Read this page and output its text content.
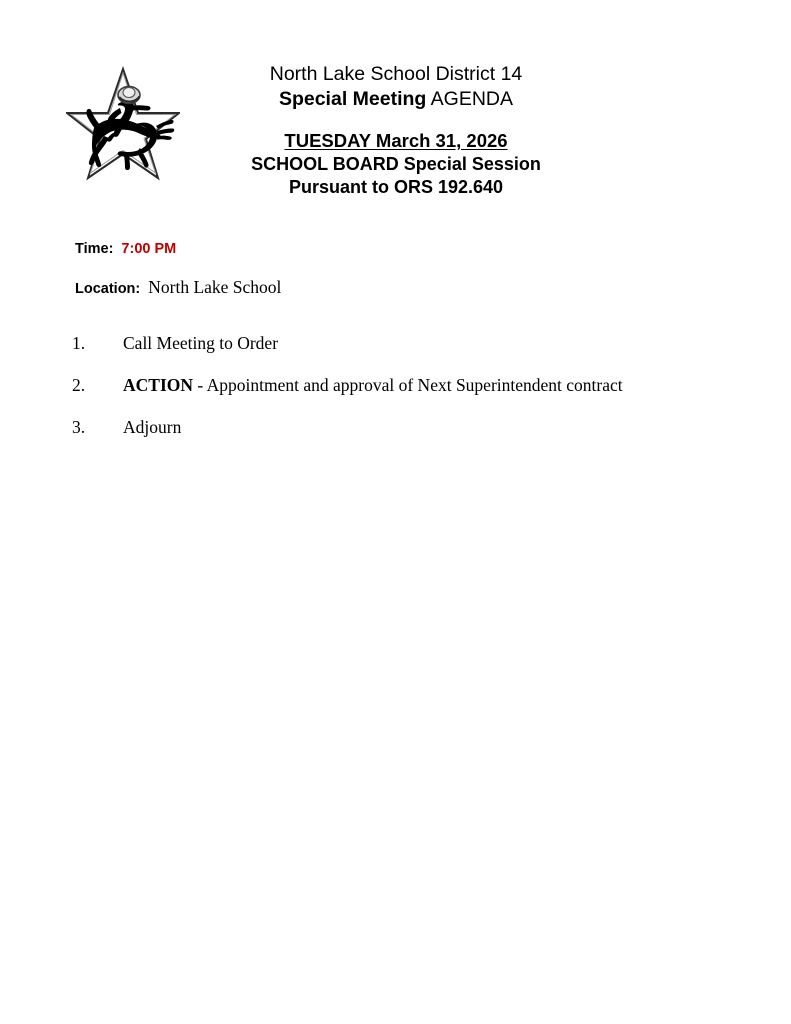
North Lake School District 14
Special Meeting AGENDA
TUESDAY March 31, 2026
SCHOOL BOARD Special Session
Pursuant to ORS 192.640
Time: 7:00 PM
Location: North Lake School
1.	Call Meeting to Order
2.	ACTION - Appointment and approval of Next Superintendent contract
3.	Adjourn
